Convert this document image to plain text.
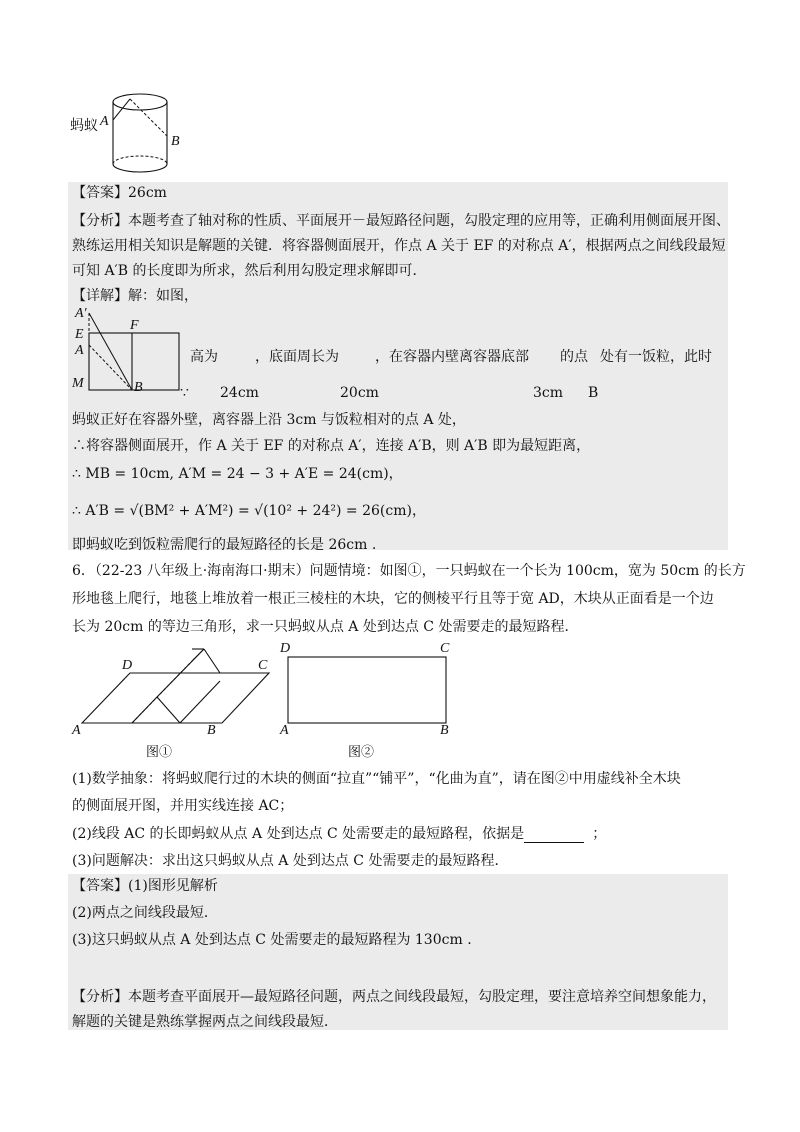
蚂蚁 A
B
【答案】26cm
【分析】本题考查了轴对称的性质、平面展开－最短路径问题，勾股定理的应用等，正确利用侧面展开图、
熟练运用相关知识是解题的关键．将容器侧面展开，作点 A 关于 EF 的对称点 A′，根据两点之间线段最短
可知 A′B 的长度即为所求，然后利用勾股定理求解即可．
【详解】解：如图，
A′
E
A
M
F
B
高为	，底面周长为	，在容器内壁离容器底部 的点 处有一饭粒，此时
∵ 24cm	20cm	3cm B
蚂蚁正好在容器外壁，离容器上沿 3cm 与饭粒相对的点 A 处，
∴将容器侧面展开，作 A 关于 EF 的对称点 A′，连接 A′B，则 A′B 即为最短距离，
∴ MB = 10cm, A′M = 24 − 3 + A′E = 24(cm)，
∴ A′B = √(BM² + A′M²) = √(10² + 24²) = 26(cm)，
即蚂蚁吃到饭粒需爬行的最短路径的长是 26cm .
6．（22-23 八年级上·海南海口·期末）问题情境：如图①，一只蚂蚁在一个长为 100cm，宽为 50cm 的长方
形地毯上爬行，地毯上堆放着一根正三棱柱的木块，它的侧棱平行且等于宽 AD，木块从正面看是一个边
长为 20cm 的等边三角形，求一只蚂蚁从点 A 处到达点 C 处需要走的最短路程．
D	C
A	B
图①
D	C
A	B
图②
(1)数学抽象：将蚂蚁爬行过的木块的侧面“拉直”“铺平”，“化曲为直”，请在图②中用虚线补全木块
的侧面展开图，并用实线连接 AC；
(2)线段 AC 的长即蚂蚁从点 A 处到达点 C 处需要走的最短路程，依据是	；
(3)问题解决：求出这只蚂蚁从点 A 处到达点 C 处需要走的最短路程．
【答案】(1)图形见解析
(2)两点之间线段最短．
(3)这只蚂蚁从点 A 处到达点 C 处需要走的最短路程为 130cm .
【分析】本题考查平面展开—最短路径问题，两点之间线段最短，勾股定理，要注意培养空间想象能力，
解题的关键是熟练掌握两点之间线段最短．
